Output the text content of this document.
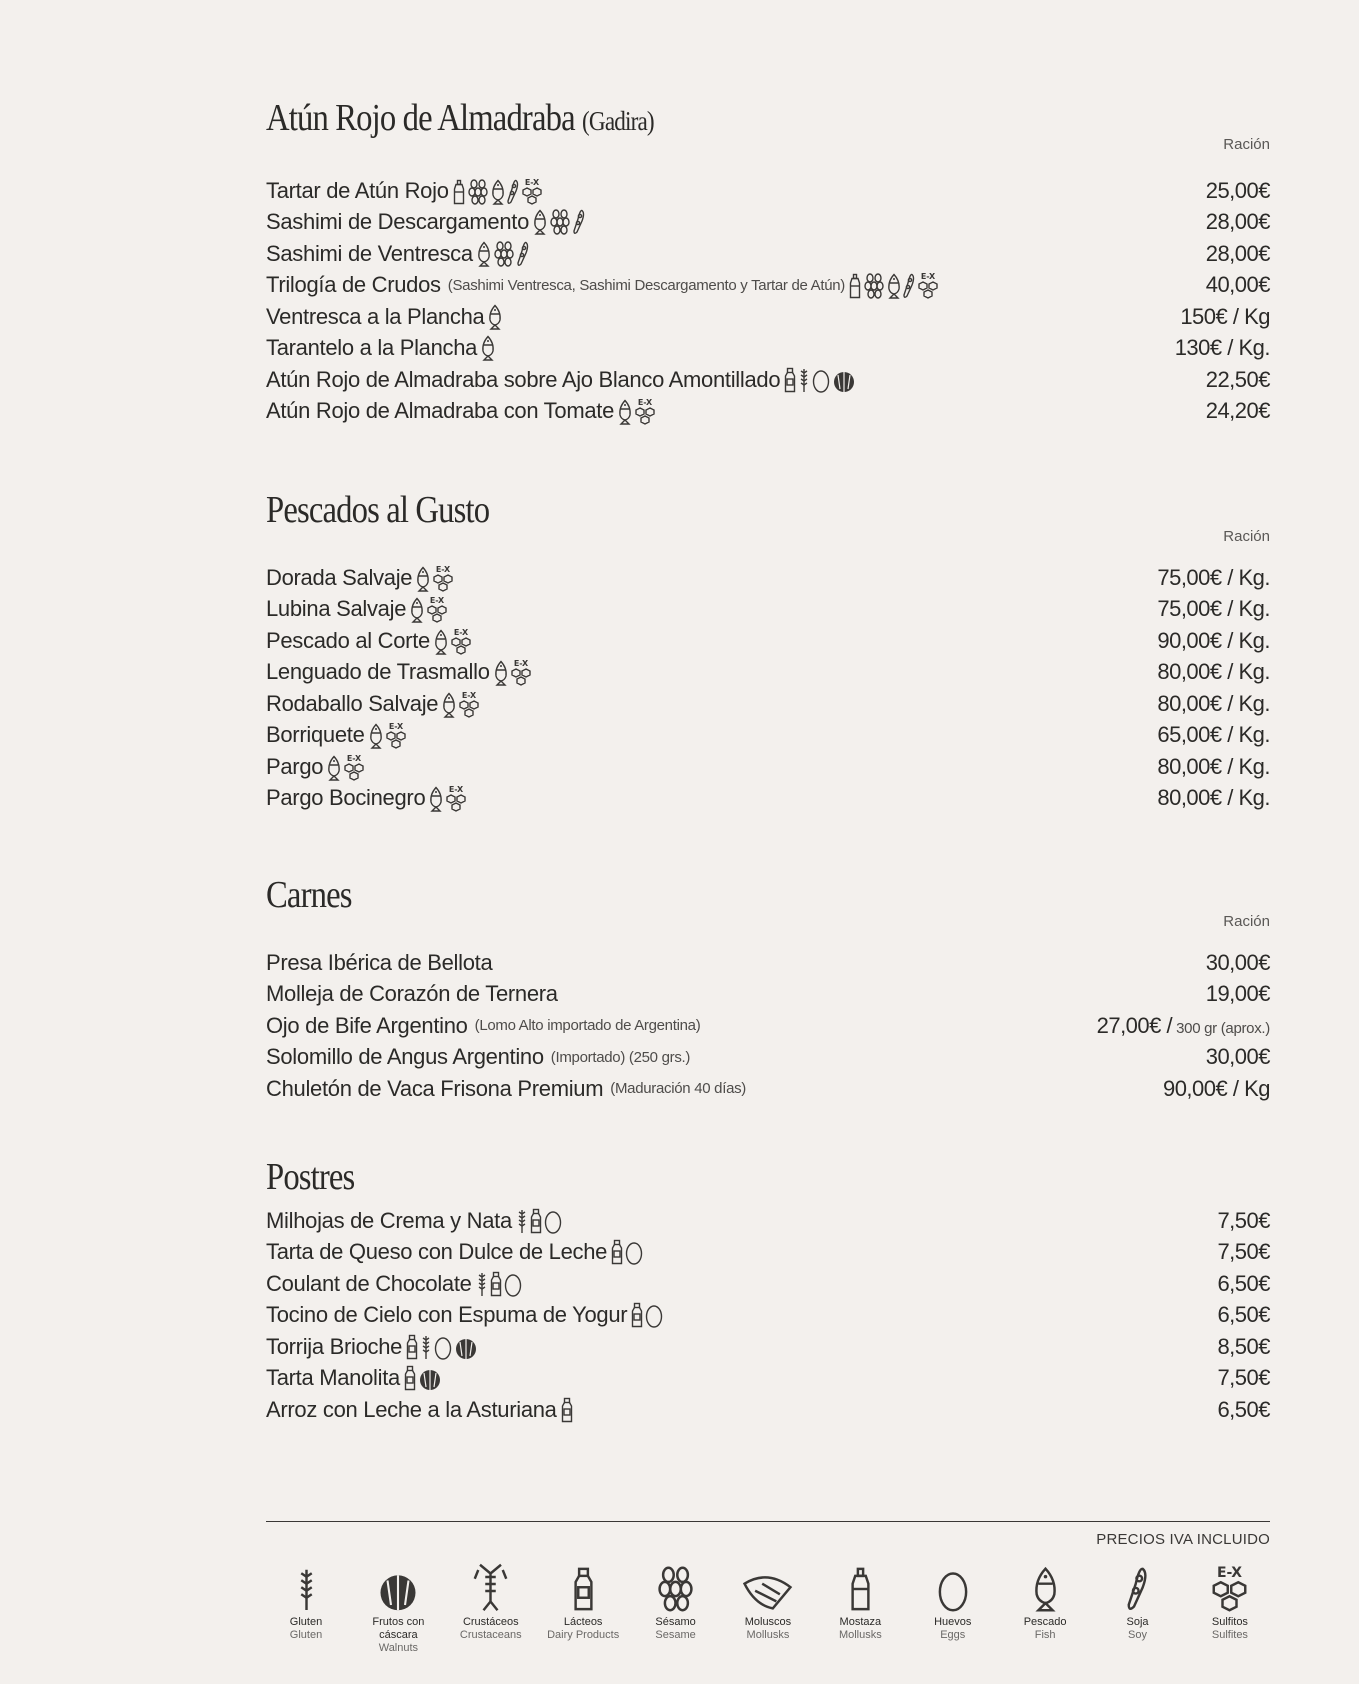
Atún Rojo de Almadraba (Gadira)
Ración
Tartar de Atún Rojo	E-X	25,00€
Sashimi de Descargamento	28,00€
Sashimi de Ventresca	28,00€
Trilogía de Crudos (Sashimi Ventresca, Sashimi Descargamento y Tartar de Atún)	E-X	40,00€
Ventresca a la Plancha	150€ / Kg
Tarantelo a la Plancha	130€ / Kg.
Atún Rojo de Almadraba sobre Ajo Blanco Amontillado	22,50€
Atún Rojo de Almadraba con Tomate	E-X	24,20€
Pescados al Gusto
Ración
Dorada Salvaje	E-X	75,00€ / Kg.
Lubina Salvaje	E-X	75,00€ / Kg.
Pescado al Corte	E-X	90,00€ / Kg.
Lenguado de Trasmallo	E-X	80,00€ / Kg.
Rodaballo Salvaje	E-X	80,00€ / Kg.
Borriquete	E-X	65,00€ / Kg.
Pargo	E-X	80,00€ / Kg.
Pargo Bocinegro	E-X	80,00€ / Kg.
Carnes
Ración
Presa Ibérica de Bellota	30,00€
Molleja de Corazón de Ternera	19,00€
Ojo de Bife Argentino (Lomo Alto importado de Argentina)	27,00€ / 300 gr (aprox.)
Solomillo de Angus Argentino (Importado) (250 grs.)	30,00€
Chuletón de Vaca Frisona Premium (Maduración 40 días)	90,00€ / Kg
Postres
Milhojas de Crema y Nata	7,50€
Tarta de Queso con Dulce de Leche	7,50€
Coulant de Chocolate	6,50€
Tocino de Cielo con Espuma de Yogur	6,50€
Torrija Brioche	8,50€
Tarta Manolita	7,50€
Arroz con Leche a la Asturiana	6,50€
PRECIOS IVA INCLUIDO
Gluten
Gluten
Frutos con cáscara
Walnuts
Crustáceos
Crustaceans
Lácteos
Dairy Products
Sésamo
Sesame
Moluscos
Mollusks
Mostaza
Mollusks
Huevos
Eggs
Pescado
Fish
Soja
Soy
E-X
Sulfitos
Sulfites
